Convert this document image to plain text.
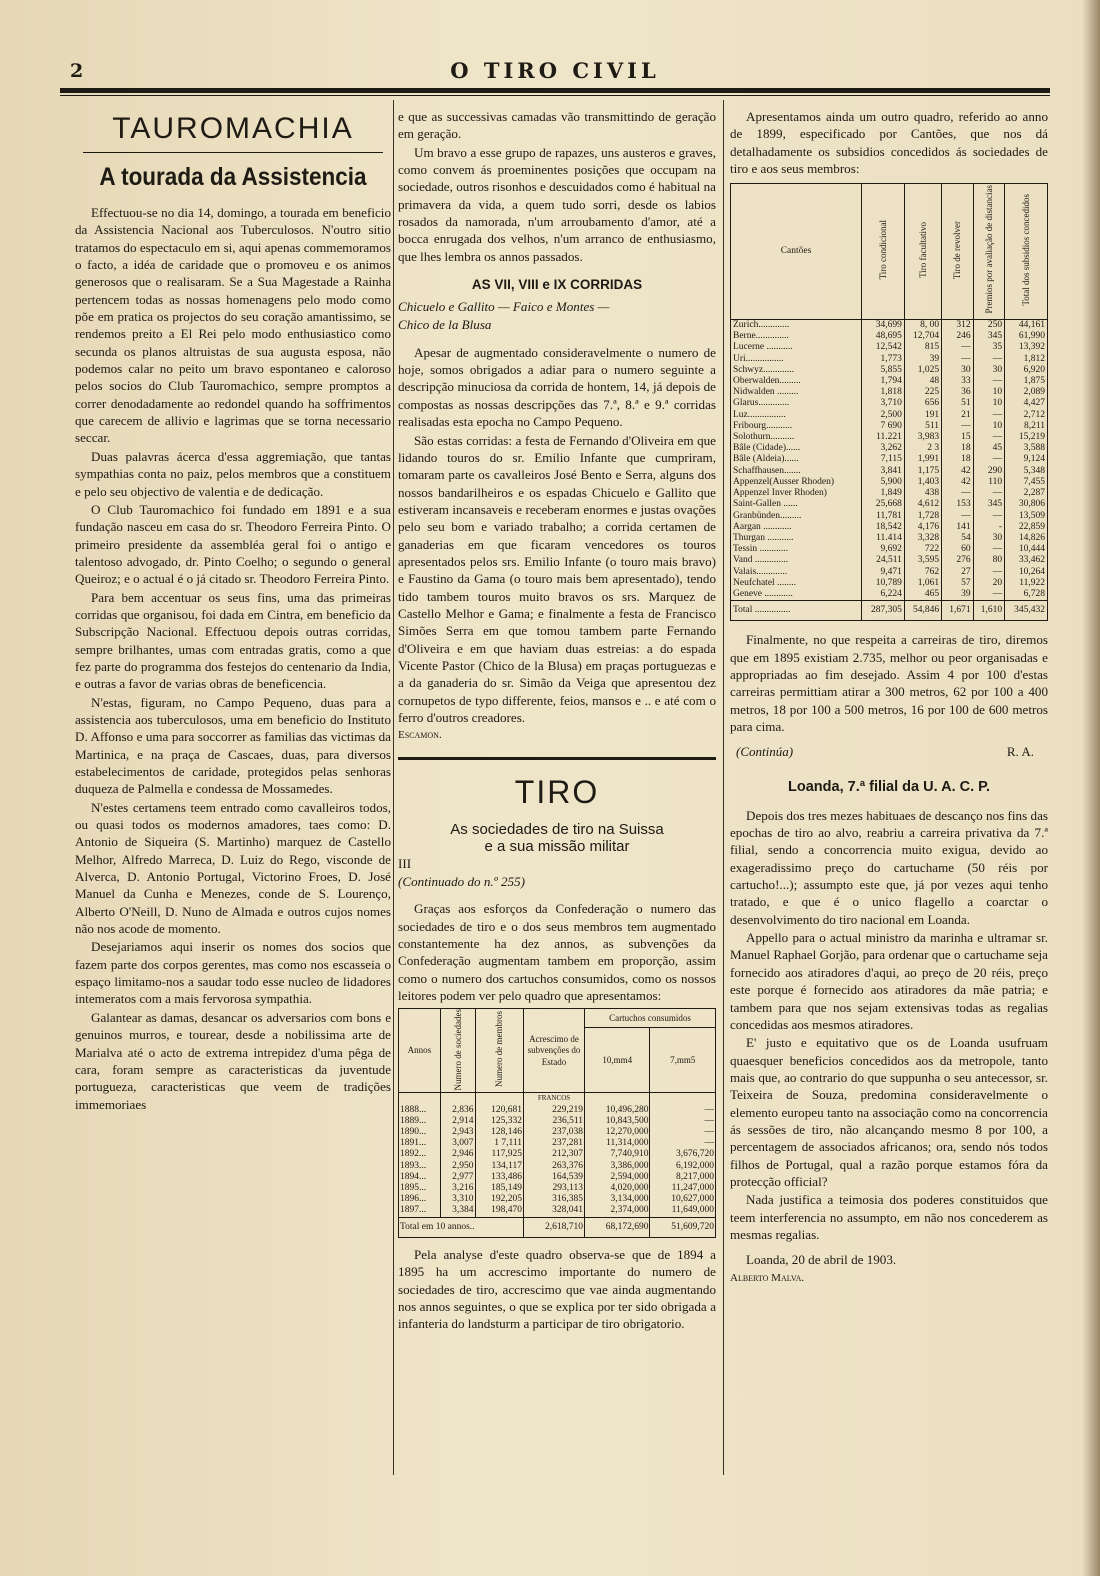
2	O TIRO CIVIL
TAUROMACHIA
A tourada da Assistencia

Effectuou-se no dia 14, domingo, a tourada em beneficio da Assistencia Nacional aos Tuberculosos. N'outro sitio tratamos do espectaculo em si, aqui apenas commemoramos o facto, a idéa de caridade que o promoveu e os animos generosos que o realisaram. Se a Sua Magestade a Rainha pertencem todas as nossas homenagens pelo modo como põe em pratica os projectos do seu coração amantissimo, se rendemos preito a El Rei pelo modo enthusiastico como secunda os planos altruistas de sua augusta esposa, não podemos calar no peito um bravo espontaneo e caloroso pelos socios do Club Tauromachico, sempre promptos a correr denodadamente ao redondel quando ha soffrimentos que carecem de allivio e lagrimas que se torna necessario seccar.

Duas palavras ácerca d'essa aggremiação, que tantas sympathias conta no paiz, pelos membros que a constituem e pelo seu objectivo de valentia e de dedicação.

O Club Tauromachico foi fundado em 1891 e a sua fundação nasceu em casa do sr. Theodoro Ferreira Pinto. O primeiro presidente da assembléa geral foi o antigo e talentoso advogado, dr. Pinto Coelho; o segundo o general Queiroz; e o actual é o já citado sr. Theodoro Ferreira Pinto.

Para bem accentuar os seus fins, uma das primeiras corridas que organisou, foi dada em Cintra, em beneficio da Subscripção Nacional. Effectuou depois outras corridas, sempre brilhantes, umas com entradas gratis, como a que fez parte do programma dos festejos do centenario da India, e outras a favor de varias obras de beneficencia.

N'estas, figuram, no Campo Pequeno, duas para a assistencia aos tuberculosos, uma em beneficio do Instituto D. Affonso e uma para soccorrer as familias das victimas da Martinica, e na praça de Cascaes, duas, para diversos estabelecimentos de caridade, protegidos pelas senhoras duqueza de Palmella e condessa de Mossamedes.

N'estes certamens teem entrado como cavalleiros todos, ou quasi todos os modernos amadores, taes como: D. Antonio de Siqueira (S. Martinho) marquez de Castello Melhor, Alfredo Marreca, D. Luiz do Rego, visconde de Alverca, D. Antonio Portugal, Victorino Froes, D. José Manuel da Cunha e Menezes, conde de S. Lourenço, Alberto O'Neill, D. Nuno de Almada e outros cujos nomes não nos acode de momento.

Desejariamos aqui inserir os nomes dos socios que fazem parte dos corpos gerentes, mas como nos escasseia o espaço limitamo-nos a saudar todo esse nucleo de lidadores intemeratos com a mais fervorosa sympathia.

Galantear as damas, desancar os adversarios com bons e genuinos murros, e tourear, desde a nobilissima arte de Marialva até o acto de extrema intrepidez d'uma pêga de cara, foram sempre as caracteristicas da juventude portugueza, caracteristicas que veem de tradições immemoriaes

e que as successivas camadas vão transmittindo de geração em geração.

Um bravo a esse grupo de rapazes, uns austeros e graves, como convem ás proeminentes posições que occupam na sociedade, outros risonhos e descuidados como é habitual na primavera da vida, a quem tudo sorri, desde os labios rosados da namorada, n'um arroubamento d'amor, até a bocca enrugada dos velhos, n'um arranco de enthusiasmo, que lhes lembra os annos passados.

AS VII, VIII e IX CORRIDAS

Chicuelo e Gallito — Faico e Montes —

Chico de la Blusa

Apesar de augmentado consideravelmente o numero de hoje, somos obrigados a adiar para o numero seguinte a descripção minuciosa da corrida de hontem, 14, já depois de compostas as nossas descripções das 7.ª, 8.ª e 9.ª corridas realisadas esta epocha no Campo Pequeno.

São estas corridas: a festa de Fernando d'Oliveira em que lidando touros do sr. Emilio Infante que cumpriram, tomaram parte os cavalleiros José Bento e Serra, alguns dos nossos bandarilheiros e os espadas Chicuelo e Gallito que estiveram incansaveis e receberam enormes e justas ovações pelo seu bom e variado trabalho; a corrida certamen de ganaderias em que ficaram vencedores os touros apresentados pelos srs. Emilio Infante (o touro mais bravo) e Faustino da Gama (o touro mais bem apresentado), tendo tido tambem touros muito bravos os srs. Marquez de Castello Melhor e Gama; e finalmente a festa de Francisco Simões Serra em que tomou tambem parte Fernando d'Oliveira e em que haviam duas estreias: a do espada Vicente Pastor (Chico de la Blusa) em praças portuguezas e a da ganaderia do sr. Simão da Veiga que apresentou dez cornupetos de typo differente, feios, mansos e .. e até com o ferro d'outros creadores.

Escamon.

TIRO
As sociedades de tiro na Suissa
e a sua missão militar

III

(Continuado do n.º 255)

Graças aos esforços da Confederação o numero das sociedades de tiro e o dos seus membros tem augmentado constantemente ha dez annos, as subvenções da Confederação augmentam tambem em proporção, assim como o numero dos cartuchos consumidos, como os nossos leitores podem ver pelo quadro que apresentamos:

Annos	Numero de sociedades	Numero de membros	Acrescimo de subvenções do Estado	Cartuchos consumidos	
				10,mm4	7,mm5
			FRANCOS		
1888...	2,836	120,681	229,219	10,496,280	—
1889...	2,914	125,332	236,511	10,843,500	—
1890...	2,943	128,146	237,038	12,270,000	—
1891...	3,007	1 7,111	237,281	11,314,000	—
1892...	2,946	117,925	212,307	7,740,910	3,676,720
1893...	2,950	134,117	263,376	3,386,000	6,192,000
1894...	2,977	133,486	164,539	2,594,000	8,217,000
1895...	3,216	185,149	293,113	4,020,000	11,247,000
1896...	3,310	192,205	316,385	3,134,000	10,627,000
1897...	3,384	198,470	328,041	2,374,000	11,649,000
Total em 10 annos..			2,618,710	68,172,690	51,609,720

Pela analyse d'este quadro observa-se que de 1894 a 1895 ha um accrescimo importante do numero de sociedades de tiro, accrescimo que vae ainda augmentando nos annos seguintes, o que se explica por ter sido obrigada a infanteria do landsturm a participar de tiro obrigatorio.

Apresentamos ainda um outro quadro, referido ao anno de 1899, especificado por Cantões, que nos dá detalhadamente os subsidios concedidos ás sociedades de tiro e aos seus membros:

Cantões	Tiro condicional	Tiro facultativo	Tiro de revolver	Premios por avaliação de distancias	Total dos subsidios concedidos
Zurich.............	34,699	8, 00	312	250	44,161
Berne..............	48,695	12,704	246	345	61,990
Lucerne ...........	12,542	815	—	35	13,392
Uri................	1,773	39	—	—	1,812
Schwyz.............	5,855	1,025	30	30	6,920
Oberwalden.........	1,794	48	33	—	1,875
Nidwalden .........	1,818	225	36	10	2,089
Glarus.............	3,710	656	51	10	4,427
Luz................	2,500	191	21	—	2,712
Fribourg...........	7 690	511	—	10	8,211
Solothurn..........	11.221	3,983	15	—	15,219
Bâle (Cidade)......	3,262	2 3	18	45	3,588
Bâle (Aldeia)......	7,115	1,991	18	—	9,124
Schaffhausen.......	3,841	1,175	42	290	5,348
Appenzel(Ausser Rhoden)	5,900	1,403	42	110	7,455
Appenzel Inver Rhoden)	1,849	438	—	—	2,287
Saint-Gallen ......	25,668	4,612	153	345	30,806
Granbünden.........	11,781	1,728	—	—	13,509
Aargan ............	18,542	4,176	141	-	22,859
Thurgan ...........	11.414	3,328	54	30	14,826
Tessin ............	9,692	722	60	—	10,444
Vand ..............	24,511	3,595	276	80	33,462
Valais.............	9,471	762	27	—	10,264
Neufchatel ........	10,789	1,061	57	20	11,922
Geneve ............	6,224	465	39	—	6,728
Total ...............	287,305	54,846	1,671	1,610	345,432

Finalmente, no que respeita a carreiras de tiro, diremos que em 1895 existiam 2.735, melhor ou peor organisadas e appropriadas ao fim desejado. Assim 4 por 100 d'estas carreiras permittiam atirar a 300 metros, 62 por 100 a 400 metros, 18 por 100 a 500 metros, 16 por 100 de 600 metros para cima.

(Continúa)	R. A.
Loanda, 7.ª filial da U. A. C. P.

Depois dos tres mezes habituaes de descanço nos fins das epochas de tiro ao alvo, reabriu a carreira privativa da 7.ª filial, sendo a concorrencia muito exigua, devido ao exageradissimo preço do cartuchame (50 réis por cartucho!...); assumpto este que, já por vezes aqui tenho tratado, e que é o unico flagello a coarctar o desenvolvimento do tiro nacional em Loanda.

Appello para o actual ministro da marinha e ultramar sr. Manuel Raphael Gorjão, para ordenar que o cartuchame seja fornecido aos atiradores d'aqui, ao preço de 20 réis, preço este porque é fornecido aos atiradores da mãe patria; e tambem para que nos sejam extensivas todas as regalias concedidas aos mesmos atiradores.

E' justo e equitativo que os de Loanda usufruam quaesquer beneficios concedidos aos da metropole, tanto mais que, ao contrario do que suppunha o seu antecessor, sr. Teixeira de Souza, predomina consideravelmente o elemento europeu tanto na associação como na concorrencia ás sessões de tiro, não alcançando mesmo 8 por 100, a percentagem de associados africanos; ora, sendo nós todos filhos de Portugal, qual a razão porque estamos fóra da protecção official?

Nada justifica a teimosia dos poderes constituidos que teem interferencia no assumpto, em não nos concederem as mesmas regalias.

Loanda, 20 de abril de 1903.

Alberto Malva.
